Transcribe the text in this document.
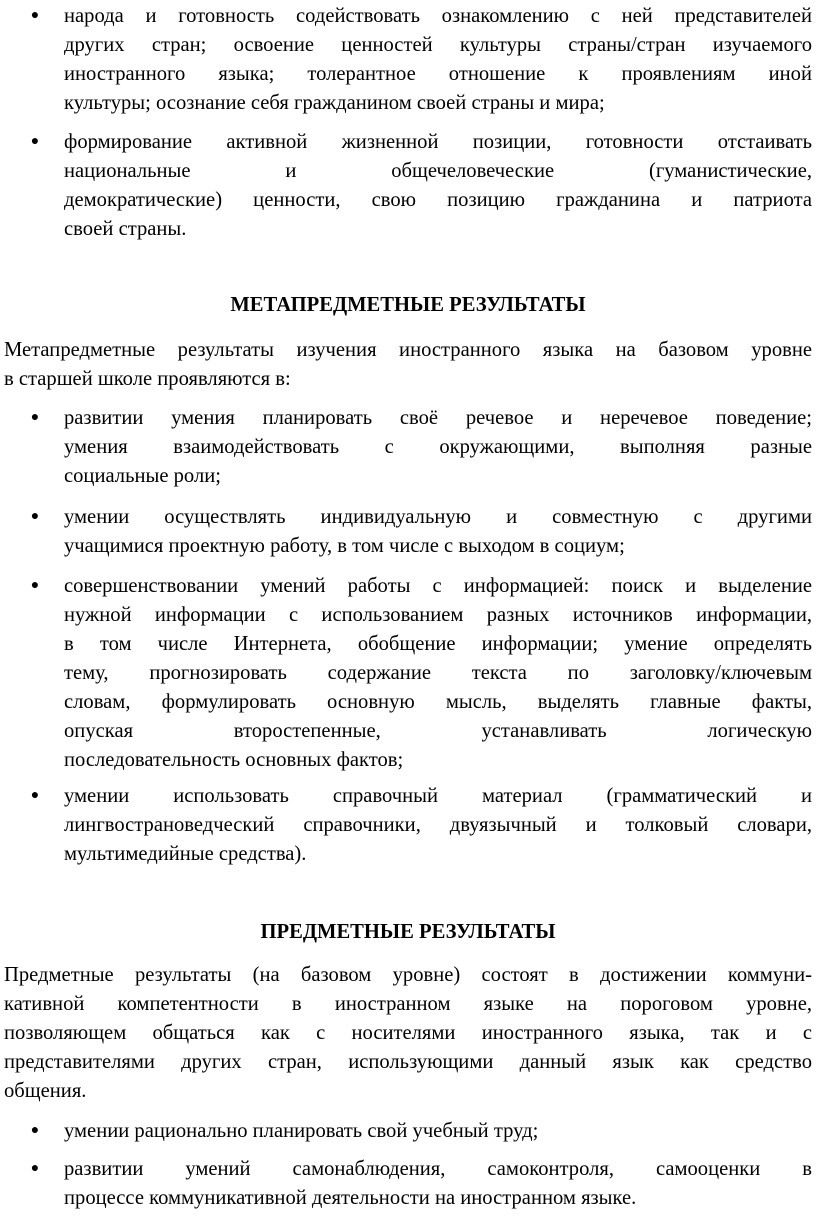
● народа и готовность содействовать ознакомлению с ней представителей
других стран; освоение ценностей культуры страны/стран изучаемого
иностранного языка; толерантное отношение к проявлениям иной
культуры; осознание себя гражданином своей страны и мира;
● формирование активной жизненной позиции, готовности отстаивать
национальные и общечеловеческие (гуманистические,
демократические) ценности, свою позицию гражданина и патриота
своей страны.
МЕТАПРЕДМЕТНЫЕ РЕЗУЛЬТАТЫ
Метапредметные результаты изучения иностранного языка на базовом уровне
в старшей школе проявляются в:
● развитии умения планировать своё речевое и неречевое поведение;
умения взаимодействовать с окружающими, выполняя разные
социальные роли;
● умении осуществлять индивидуальную и совместную с другими
учащимися проектную работу, в том числе с выходом в социум;
● совершенствовании умений работы с информацией: поиск и выделение
нужной информации с использованием разных источников информации,
в том числе Интернета, обобщение информации; умение определять
тему, прогнозировать содержание текста по заголовку/ключевым
словам, формулировать основную мысль, выделять главные факты,
опуская второстепенные, устанавливать логическую
последовательность основных фактов;
● умении использовать справочный материал (грамматический и
лингвострановедческий справочники, двуязычный и толковый словари,
мультимедийные средства).
ПРЕДМЕТНЫЕ РЕЗУЛЬТАТЫ
Предметные результаты (на базовом уровне) состоят в достижении коммуни-
кативной компетентности в иностранном языке на пороговом уровне,
позволяющем общаться как с носителями иностранного языка, так и с
представителями других стран, использующими данный язык как средство
общения.
● умении рационально планировать свой учебный труд;
● развитии умений самонаблюдения, самоконтроля, самооценки в
процессе коммуникативной деятельности на иностранном языке.
